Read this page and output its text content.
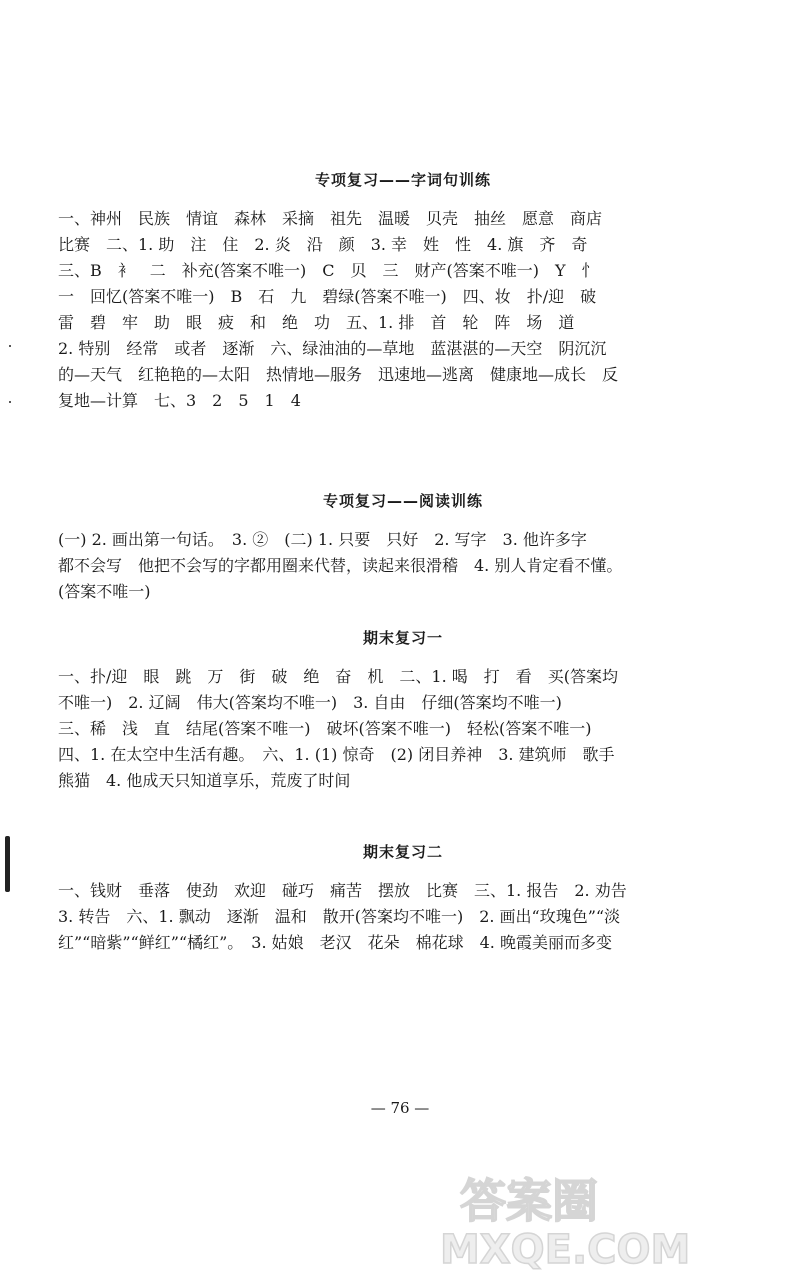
专项复习——字词句训练
一、神州　民族　情谊　森林　采摘　祖先　温暖　贝壳　抽丝　愿意　商店
比赛　二、1. 助　注　住　2. 炎　沿　颜　3. 幸　姓　性　4. 旗　齐　奇
三、B　衤　二　补充(答案不唯一)　C　贝　三　财产(答案不唯一)　Y　忄
一　回忆(答案不唯一)　B　石　九　碧绿(答案不唯一)　四、妆　扑/迎　破
雷　碧　牢　助　眼　疲　和　绝　功　五、1. 排　首　轮　阵　场　道
2. 特别　经常　或者　逐渐　六、绿油油的—草地　蓝湛湛的—天空　阴沉沉
的—天气　红艳艳的—太阳　热情地—服务　迅速地—逃离　健康地—成长　反
复地—计算　七、3　2　5　1　4
专项复习——阅读训练
(一) 2. 画出第一句话。　3. ②　(二) 1. 只要　只好　2. 写字　3. 他许多字
都不会写　他把不会写的字都用圈来代替，读起来很滑稽　4. 别人肯定看不懂。
(答案不唯一)
期末复习一
一、扑/迎　眼　跳　万　街　破　绝　奋　机　二、1. 喝　打　看　买(答案均
不唯一)　2. 辽阔　伟大(答案均不唯一)　3. 自由　仔细(答案均不唯一)
三、稀　浅　直　结尾(答案不唯一)　破坏(答案不唯一)　轻松(答案不唯一)
四、1. 在太空中生活有趣。　六、1. (1) 惊奇　(2) 闭目养神　3. 建筑师　歌手
熊猫　4. 他成天只知道享乐，荒废了时间
期末复习二
一、钱财　垂落　使劲　欢迎　碰巧　痛苦　摆放　比赛　三、1. 报告　2. 劝告
3. 转告　六、1. 飘动　逐渐　温和　散开(答案均不唯一)　2. 画出“玫瑰色”“淡
红”“暗紫”“鲜红”“橘红”。　3. 姑娘　老汉　花朵　棉花球　4. 晚霞美丽而多变
— 76 —
答案圈
MXQE.COM
